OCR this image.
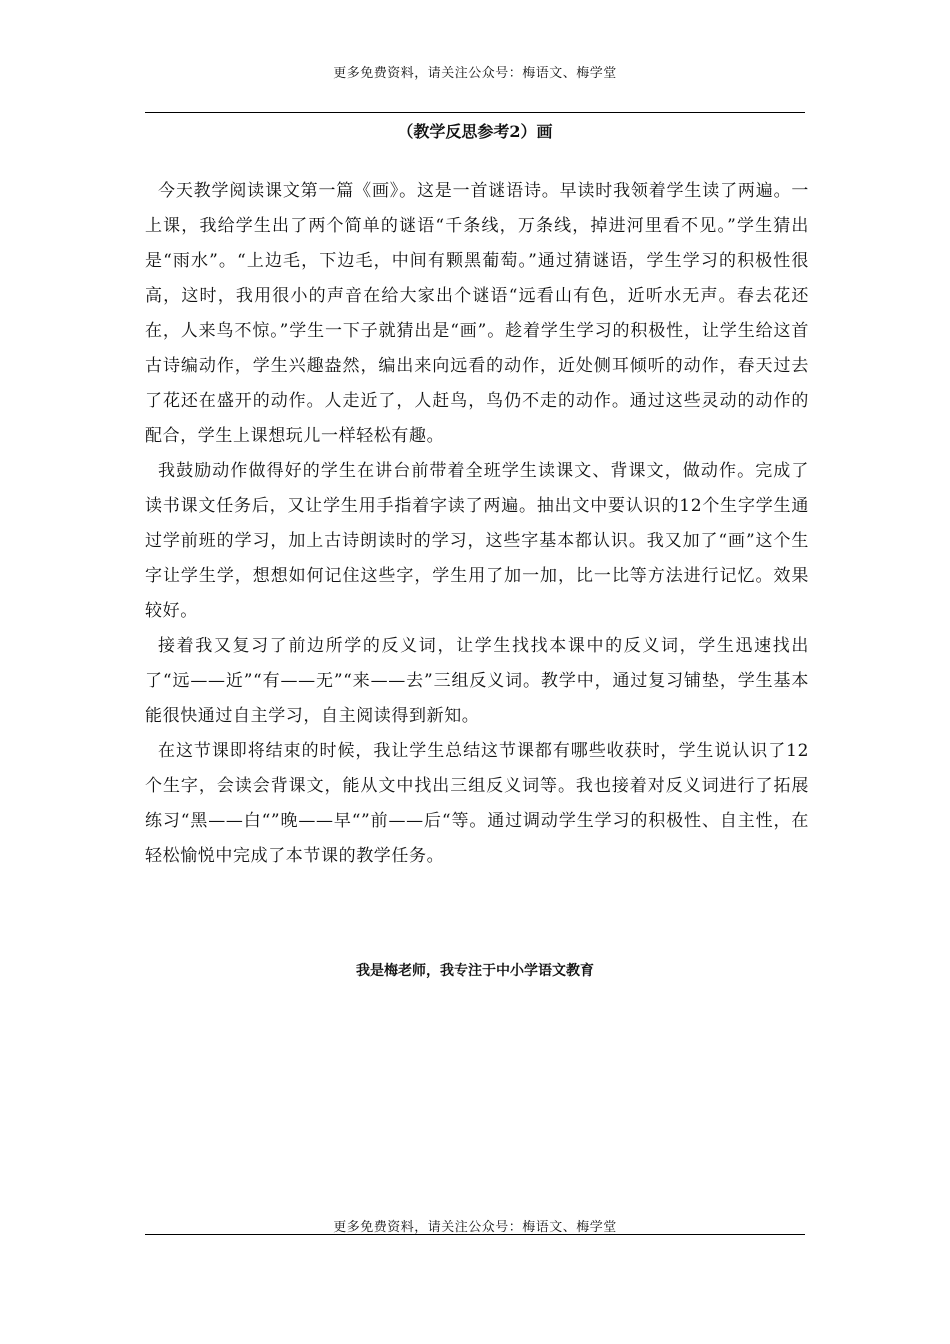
更多免费资料，请关注公众号：梅语文、梅学堂
（教学反思参考2）画

今天教学阅读课文第一篇《画》。这是一首谜语诗。早读时我领着学生读了两遍。一上课，我给学生出了两个简单的谜语“千条线，万条线，掉进河里看不见。”学生猜出是“雨水”。“上边毛，下边毛，中间有颗黑葡萄。”通过猜谜语，学生学习的积极性很高，这时，我用很小的声音在给大家出个谜语“远看山有色，近听水无声。春去花还在，人来鸟不惊。”学生一下子就猜出是“画”。趁着学生学习的积极性，让学生给这首古诗编动作，学生兴趣盎然，编出来向远看的动作，近处侧耳倾听的动作，春天过去了花还在盛开的动作。人走近了，人赶鸟，鸟仍不走的动作。通过这些灵动的动作的配合，学生上课想玩儿一样轻松有趣。

我鼓励动作做得好的学生在讲台前带着全班学生读课文、背课文，做动作。完成了读书课文任务后，又让学生用手指着字读了两遍。抽出文中要认识的12个生字学生通过学前班的学习，加上古诗朗读时的学习，这些字基本都认识。我又加了“画”这个生字让学生学，想想如何记住这些字，学生用了加一加，比一比等方法进行记忆。效果较好。

接着我又复习了前边所学的反义词，让学生找找本课中的反义词，学生迅速找出了“远——近”“有——无”“来——去”三组反义词。教学中，通过复习铺垫，学生基本能很快通过自主学习，自主阅读得到新知。

在这节课即将结束的时候，我让学生总结这节课都有哪些收获时，学生说认识了12个生字，会读会背课文，能从文中找出三组反义词等。我也接着对反义词进行了拓展练习“黑——白“”晚——早“”前——后“等。通过调动学生学习的积极性、自主性，在轻松愉悦中完成了本节课的教学任务。

我是梅老师，我专注于中小学语文教育
更多免费资料，请关注公众号：梅语文、梅学堂
